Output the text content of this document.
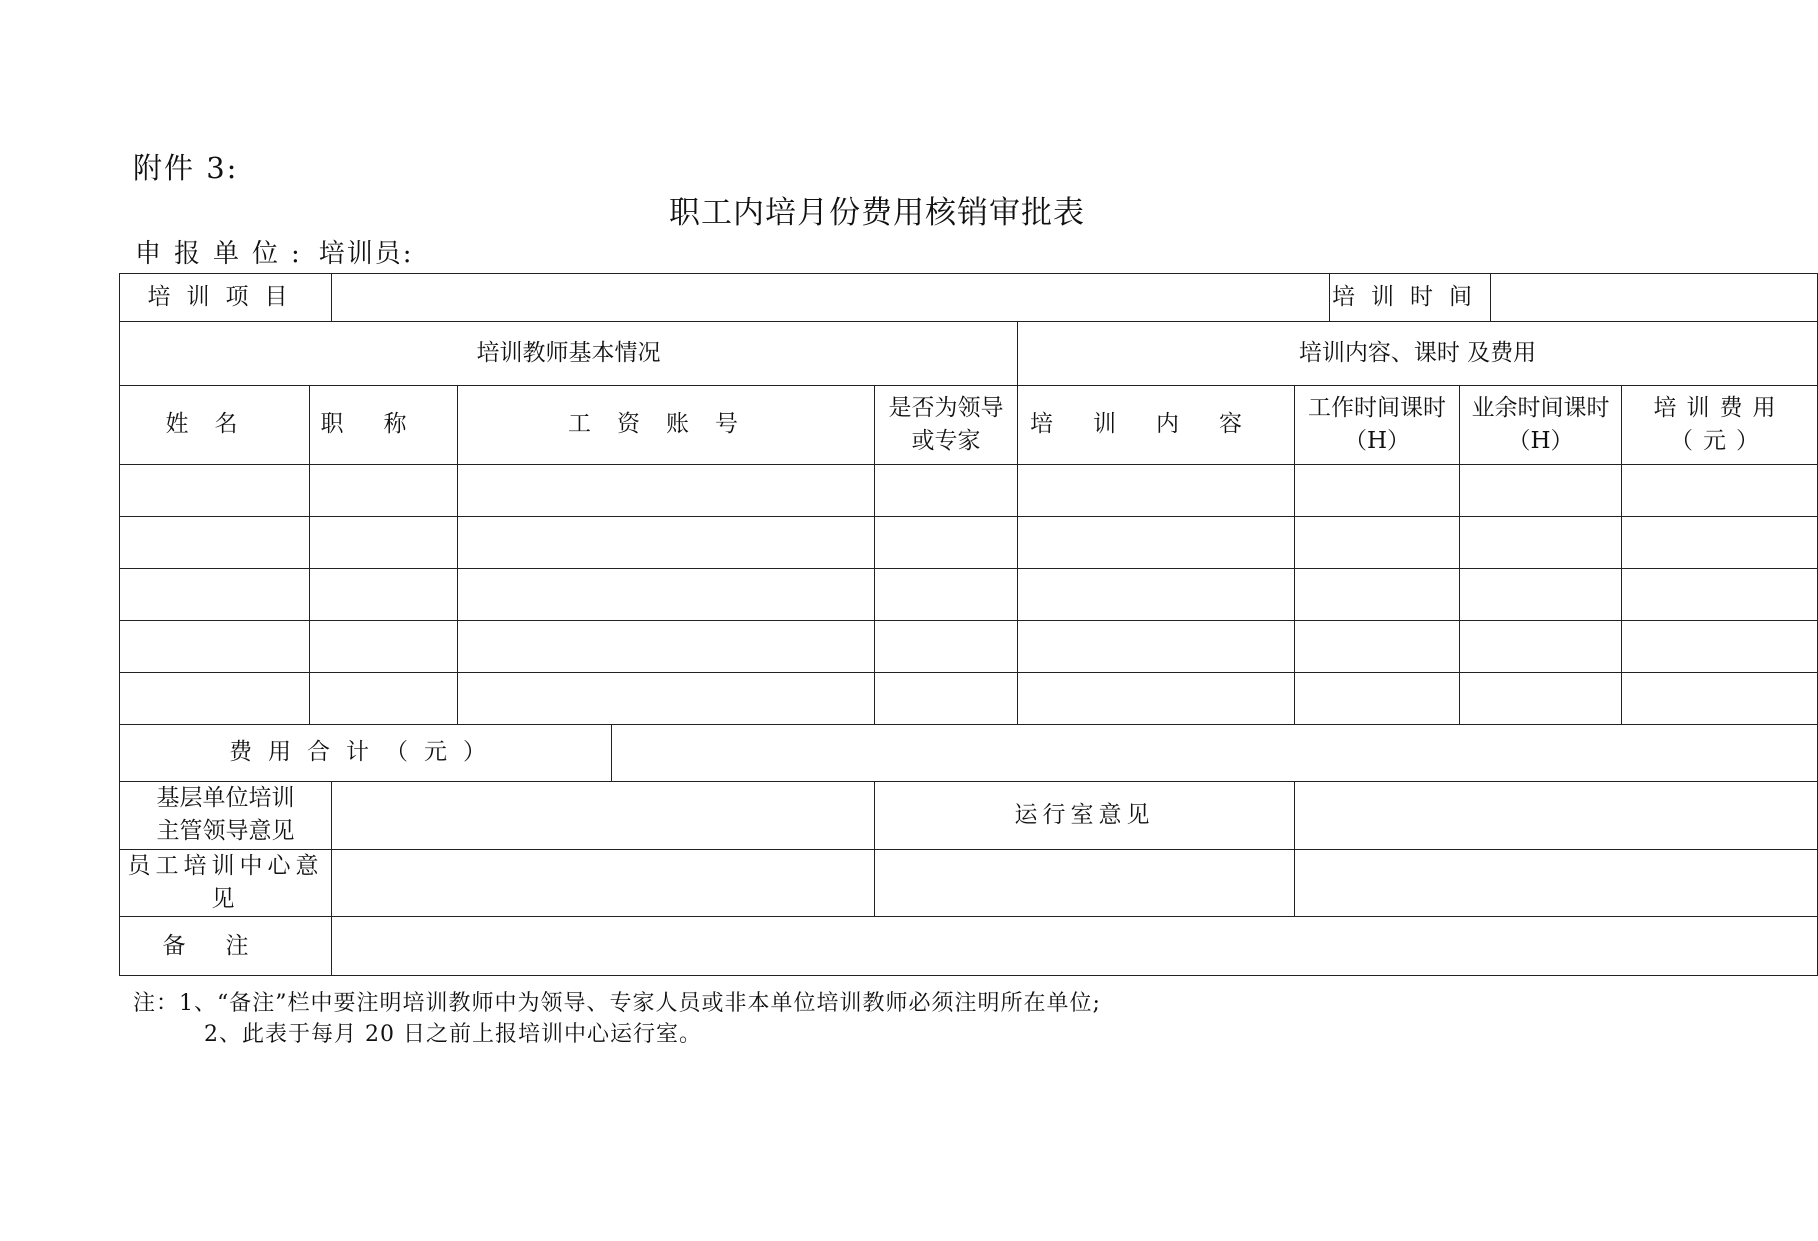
附件 3:
职工内培月份费用核销审批表
申报单位: 培训员:
培训项目								培训时间			
培训教师基本情况						培训内容、课时 及费用					
姓名	职称		工资账号		是否为领导或专家	培训内容	工作时间课时（H）		业余时间课时（H）		培训费用（元）

费用合计（元）											
基层单位培训主管领导意见					运行室意见						
员工培训中心意见											
备注											
注：1、“备注”栏中要注明培训教师中为领导、专家人员或非本单位培训教师必须注明所在单位;
2、此表于每月 20 日之前上报培训中心运行室。
